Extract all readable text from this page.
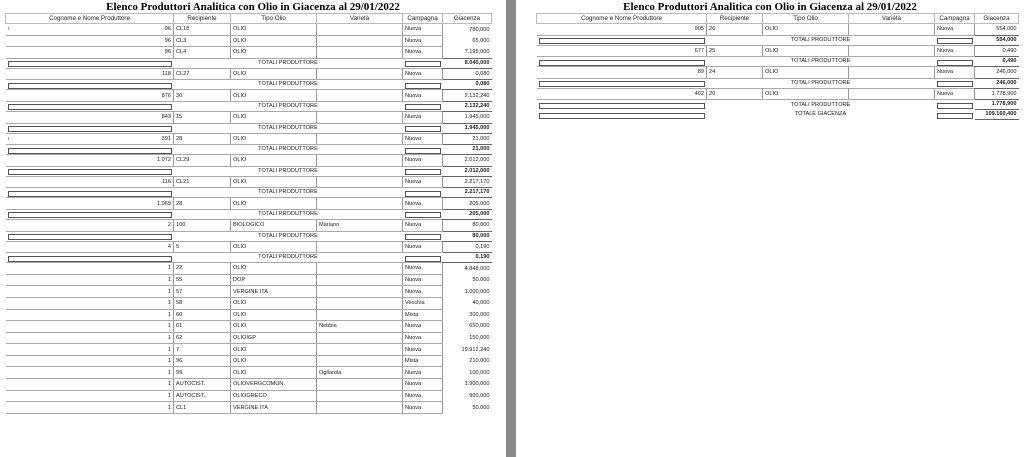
Elenco Produttori Analitica con Olio in Giacenza al 29/01/2022
Cognome e Nome Produttore	Recipiente	Tipo Olio	Varietà	Campagna	Giacenza

ı 96	CL18	OLIO		Nuova	780,000

96	CL3	OLIO		Nuova	65,000

96	CL4	OLIO		Nuova	7.195,000

	TOTALI PRODUTTORE				8.040,000

118	CL27	OLIO		Nuova	0,080

	TOTALI PRODUTTORE				0,080

876	30	OLIO		Nuova	2.132,240

	TOTALI PRODUTTORE				2.132,240

843	15	OLIO		Nuova	1.945,000

	TOTALI PRODUTTORE				1.945,000

ı 391	28	OLIO		Nuova	21,000

	TOTALI PRODUTTORE				21,000

1.072	CL29	OLIO		Nuova	2.012,000

	TOTALI PRODUTTORE				2.012,000

116	CL21	OLIO		Nuova	2.217,170

	TOTALI PRODUTTORE				2.217,170

1.069	28	OLIO		Nuova	205,000

	TOTALI PRODUTTORE				205,000

2	100	BIOLOGICO	Mariano	Nuova	80,000

	TOTALI PRODUTTORE				80,000

4	5	OLIO		Nuova	0,190

	TOTALI PRODUTTORE				0,190

1	22	OLIO		Nuova	4.848,000

1	55	DOP		Nuova	50,000

1	57	VERGINE ITA		Nuova	1.000,000

1	58	OLIO		Vecchia	40,000

1	60	OLIO		Mista	300,000

1	61	OLIO	Nebbia	Nuova	650,000

1	62	OLIOIGP		Nuova	150,000

1	7	OLIO		Nuova	19.912,240

1	96	OLIO		Mista	210,000

1	99	OLIO	Ogliarola	Nuova	100,000

1	AUTOCIST.	OLIOVERGCOMUN.		Nuova	1.900,000

1	AUTOCIST..	OLIOGRECO		Nuova	900,000

1	CL1	VERGINE ITA		Nuova	50,000
Elenco Produttori Analitica con Olio in Giacenza al 29/01/2022
Cognome e Nome Produttore	Recipiente	Tipo Olio	Varietà	Campagna	Giacenza

905	26	OLIO		Nuova	554,000

	TOTALI PRODUTTORE				554,000

677	25	OLIO		Nuova	0,490

	TOTALI PRODUTTORE				0,490

89	24	OLIO		Nuova	246,000

	TOTALI PRODUTTORE				246,000

402	20	OLIO		Nuova	1.778,900

	TOTALI PRODUTTORE				1.778,900

	TOTALE GIACENZA				109.160,400
